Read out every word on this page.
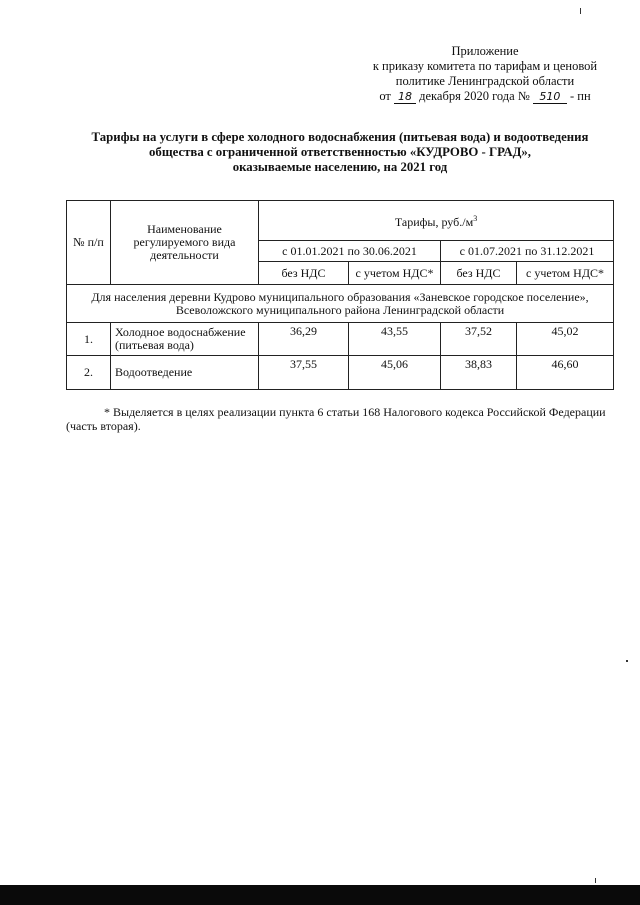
Приложение
к приказу комитета по тарифам и ценовой
политике Ленинградской области
от 18 декабря 2020 года № 510 - пн
Тарифы на услуги в сфере холодного водоснабжения (питьевая вода) и водоотведения
общества с ограниченной ответственностью «КУДРОВО - ГРАД»,
оказываемые населению, на 2021 год
№ п/п	Наименование регулируемого вида деятельности	Тарифы, $руб./м^3$
		с 01.01.2021 по 30.06.2021		с 01.07.2021 по 31.12.2021	
		без НДС	с учетом НДС*	без НДС	с учетом НДС*
Для населения деревни Кудрово муниципального образования «Заневское городское поселение», Всеволожского муниципального района Ленинградской области					
1.	Холодное водоснабжение (питьевая вода)	36,29	43,55	37,52	45,02
2.	Водоотведение	37,55	45,06	38,83	46,60
* Выделяется в целях реализации пункта 6 статьи 168 Налогового кодекса Российской Федерации
(часть вторая).
